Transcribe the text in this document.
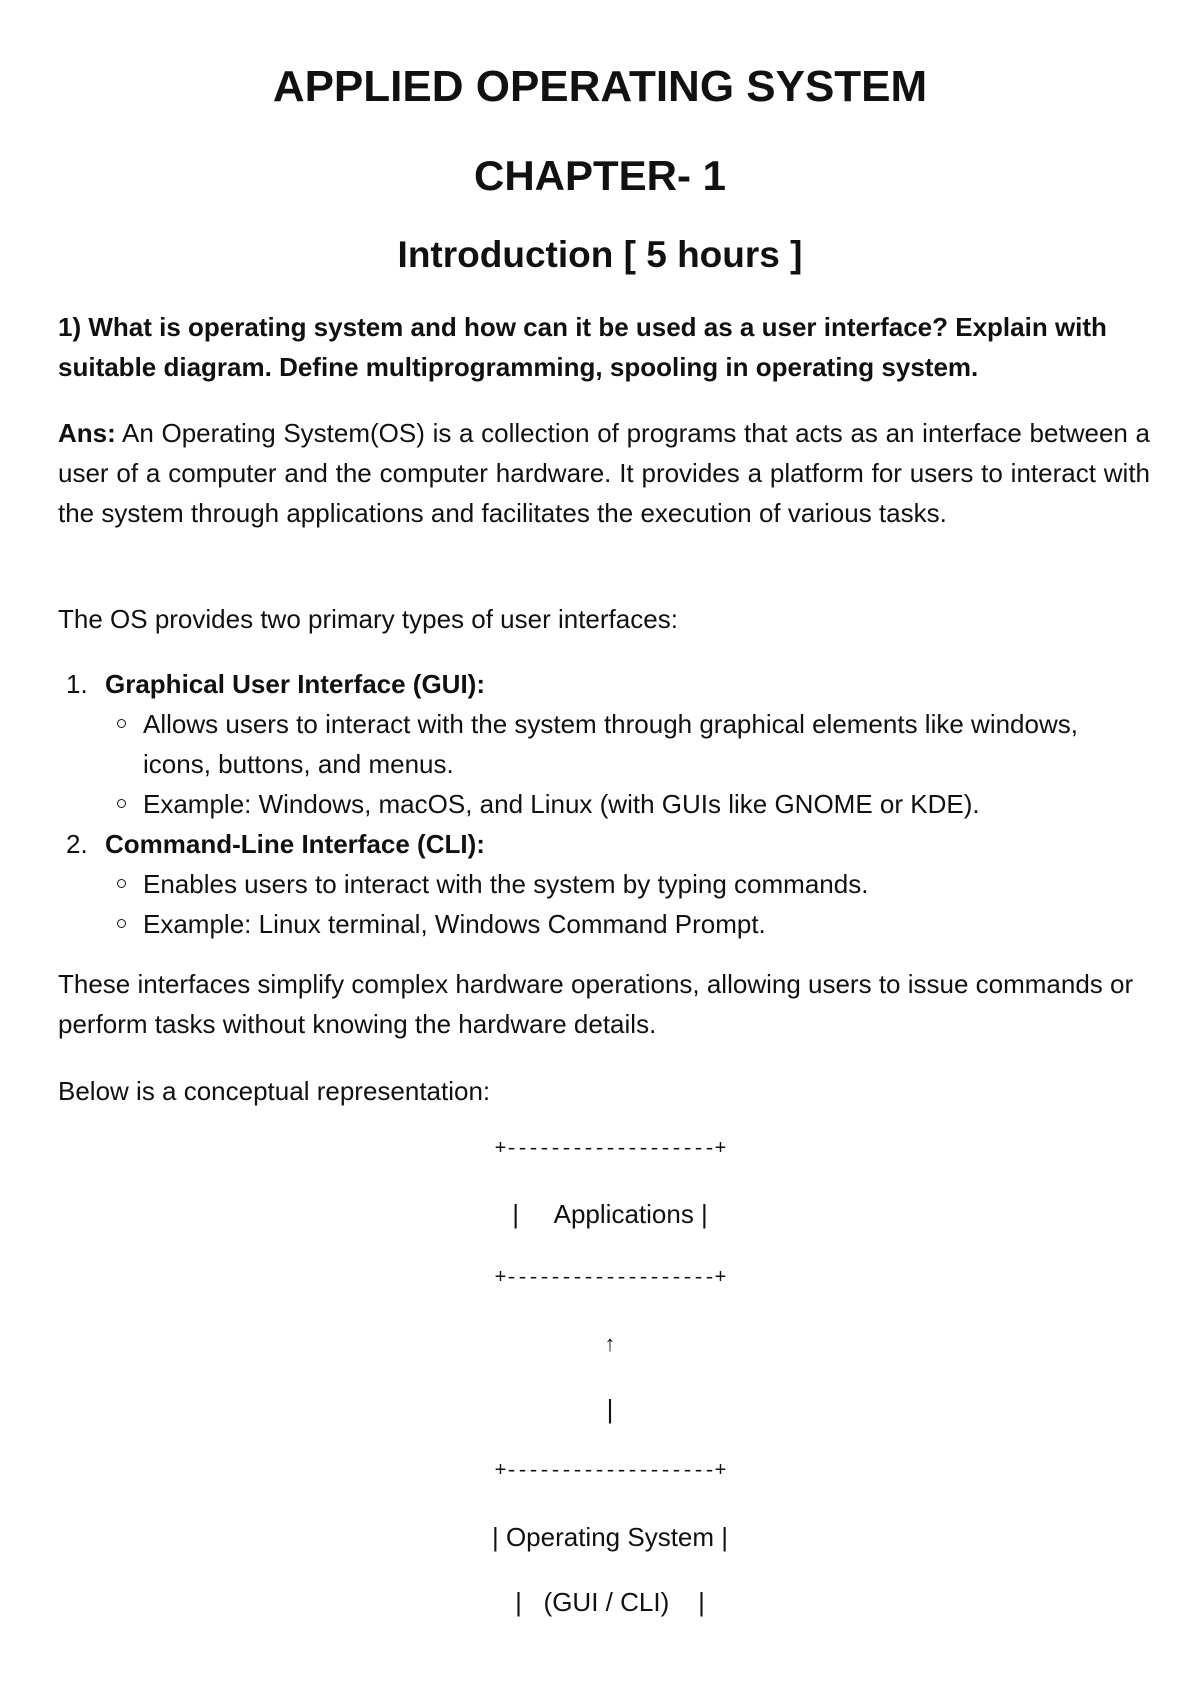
APPLIED OPERATING SYSTEM
CHAPTER- 1
Introduction [ 5 hours ]

1) What is operating system and how can it be used as a user interface? Explain with suitable diagram. Define multiprogramming, spooling in operating system.

Ans: An Operating System(OS) is a collection of programs that acts as an interface between a user of a computer and the computer hardware. It provides a platform for users to interact with the system through applications and facilitates the execution of various tasks.

The OS provides two primary types of user interfaces:

1. Graphical User Interface (GUI):
Allows users to interact with the system through graphical elements like windows, icons, buttons, and menus.
Example: Windows, macOS, and Linux (with GUIs like GNOME or KDE).
2. Command-Line Interface (CLI):
Enables users to interact with the system by typing commands.
Example: Linux terminal, Windows Command Prompt.

These interfaces simplify complex hardware operations, allowing users to issue commands or perform tasks without knowing the hardware details.

Below is a conceptual representation:

+-------------------+
|     Applications |
+-------------------+
↑
|
+-------------------+
| Operating System |
|   (GUI / CLI)    |
